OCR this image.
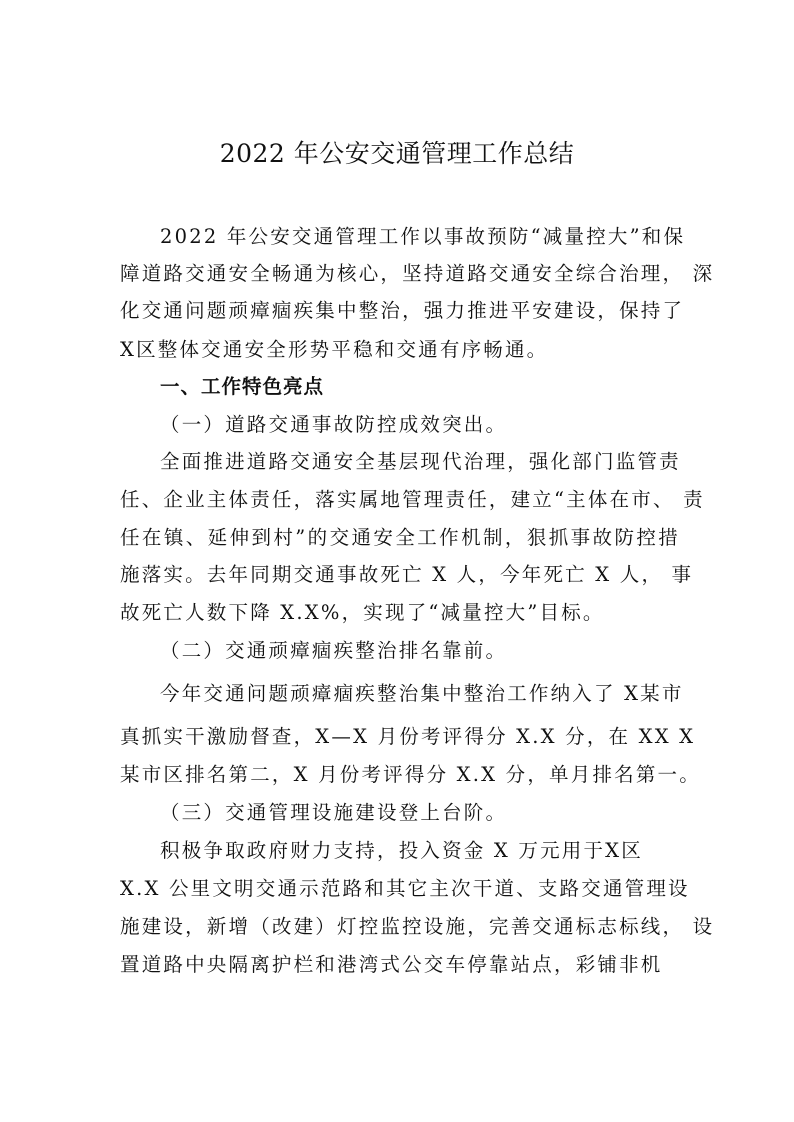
2022 年公安交通管理工作总结
2022 年公安交通管理工作以事故预防“减量控大”和保
障道路交通安全畅通为核心，坚持道路交通安全综合治理， 深
化交通问题顽瘴痼疾集中整治，强力推进平安建设，保持了
X区整体交通安全形势平稳和交通有序畅通。
一、工作特色亮点
（一）道路交通事故防控成效突出。
全面推进道路交通安全基层现代治理，强化部门监管责
任、企业主体责任，落实属地管理责任，建立“主体在市、 责
任在镇、延伸到村”的交通安全工作机制，狠抓事故防控措
施落实。去年同期交通事故死亡 X 人，今年死亡 X 人， 事
故死亡人数下降 X.X%，实现了“减量控大”目标。
（二）交通顽瘴痼疾整治排名靠前。
今年交通问题顽瘴痼疾整治集中整治工作纳入了 X某市
真抓实干激励督查，X—X 月份考评得分 X.X 分，在 XX X
某市区排名第二，X 月份考评得分 X.X 分，单月排名第一。
（三）交通管理设施建设登上台阶。
积极争取政府财力支持，投入资金 X 万元用于X区
X.X 公里文明交通示范路和其它主次干道、支路交通管理设
施建设，新增（改建）灯控监控设施，完善交通标志标线， 设
置道路中央隔离护栏和港湾式公交车停靠站点，彩铺非机
